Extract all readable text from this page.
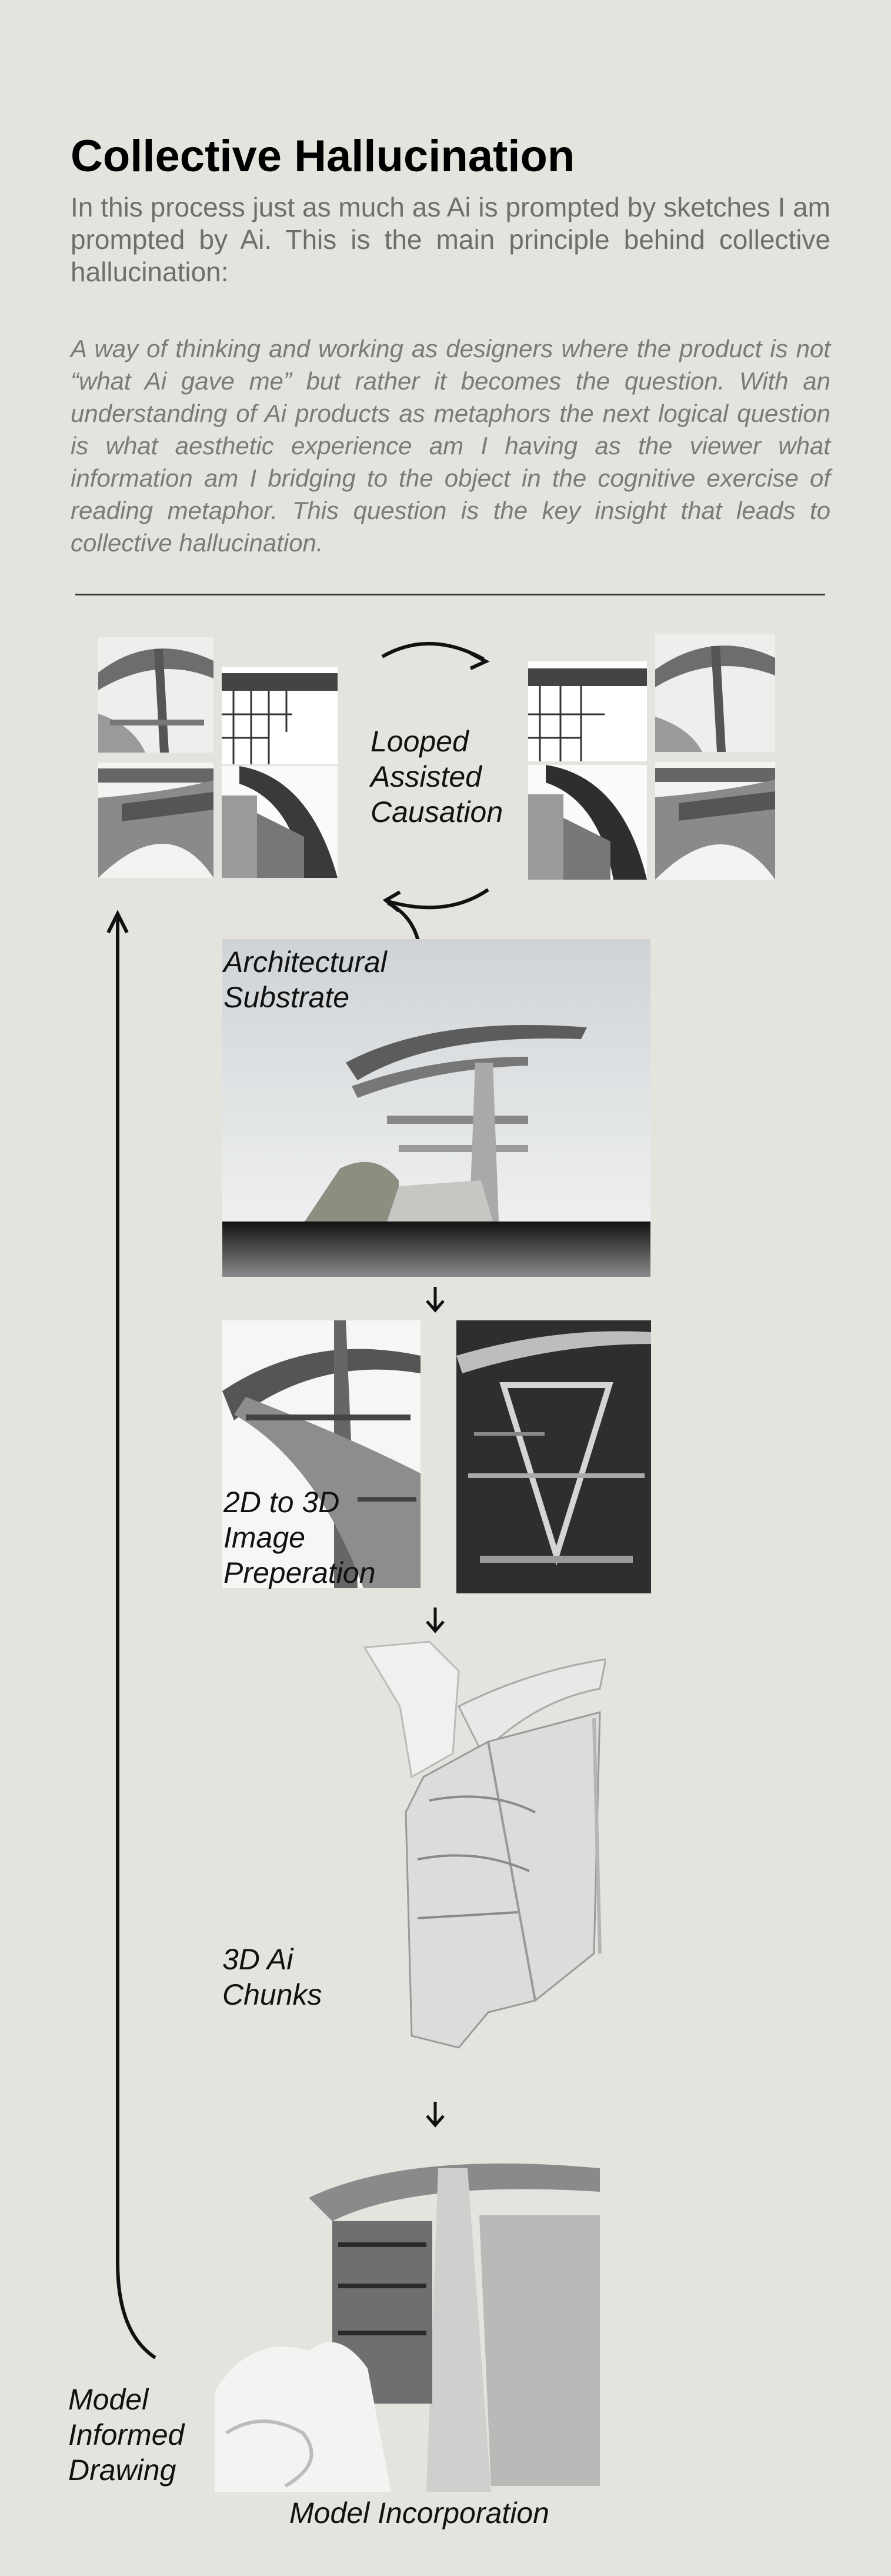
Collective Hallucination

In this process just as much as Ai is prompted by sketches I am prompted by Ai. This is the main principle behind collective hallucination:

A way of thinking and working as designers where the product is not “what Ai gave me” but rather it becomes the question. With an understanding of Ai products as metaphors the next logical question is what aesthetic experience am I having as the viewer what information am I bridging to the object in the cognitive exercise of reading metaphor. This question is the key insight that leads to collective hallucination.

Looped
Assisted
Causation
Architectural
Substrate
2D to 3D
Image
Preperation
3D Ai
Chunks
Model Incorporation
Model
Informed
Drawing
